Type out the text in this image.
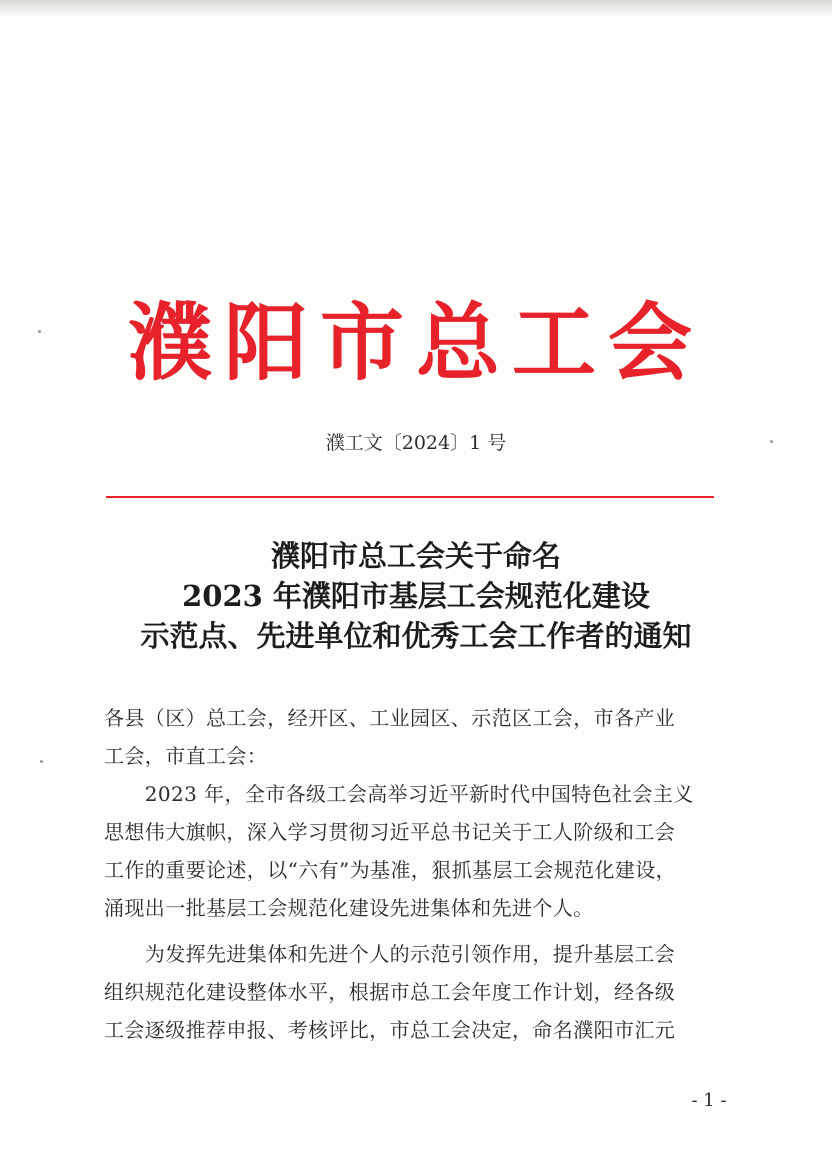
濮阳市总工会
濮工文〔2024〕1 号
濮阳市总工会关于命名
2023 年濮阳市基层工会规范化建设
示范点、先进单位和优秀工会工作者的通知
各县（区）总工会，经开区、工业园区、示范区工会，市各产业
工会，市直工会：
　　2023 年，全市各级工会高举习近平新时代中国特色社会主义
思想伟大旗帜，深入学习贯彻习近平总书记关于工人阶级和工会
工作的重要论述，以“六有”为基准，狠抓基层工会规范化建设，
涌现出一批基层工会规范化建设先进集体和先进个人。
　　为发挥先进集体和先进个人的示范引领作用，提升基层工会
组织规范化建设整体水平，根据市总工会年度工作计划，经各级
工会逐级推荐申报、考核评比，市总工会决定，命名濮阳市汇元
- 1 -
